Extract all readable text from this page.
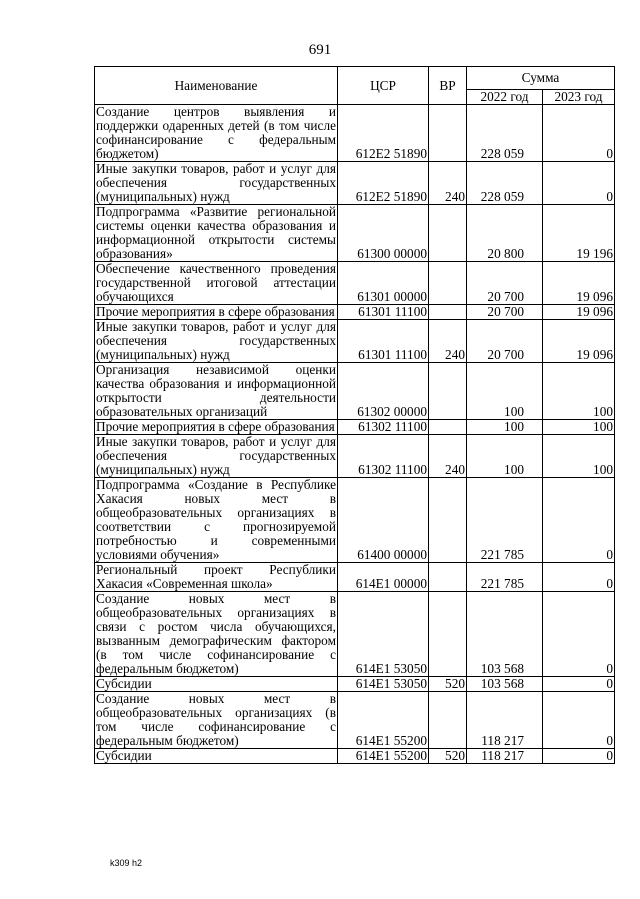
691
Наименование	ЦСР	ВР	Сумма	
			2022 год	2023 год
Создание центров выявления и поддержки одаренных детей (в том числе софинансирование с федеральным бюджетом)	612E2 51890		228 059	0
Иные закупки товаров, работ и услуг для обеспечения государственных (муниципальных) нужд	612E2 51890	240	228 059	0
Подпрограмма «Развитие региональной системы оценки качества образования и информационной открытости системы образования»	61300 00000		20 800	19 196
Обеспечение качественного проведения государственной итоговой аттестации обучающихся	61301 00000		20 700	19 096
Прочие мероприятия в сфере образования	61301 11100		20 700	19 096
Иные закупки товаров, работ и услуг для обеспечения государственных (муниципальных) нужд	61301 11100	240	20 700	19 096
Организация независимой оценки качества образования и информационной открытости деятельности образовательных организаций	61302 00000		100	100
Прочие мероприятия в сфере образования	61302 11100		100	100
Иные закупки товаров, работ и услуг для обеспечения государственных (муниципальных) нужд	61302 11100	240	100	100
Подпрограмма «Создание в Республике Хакасия новых мест в общеобразовательных организациях в соответствии с прогнозируемой потребностью и современными условиями обучения»	61400 00000		221 785	0
Региональный проект Республики Хакасия «Современная школа»	614E1 00000		221 785	0
Создание новых мест в общеобразовательных организациях в связи с ростом числа обучающихся, вызванным демографическим фактором (в том числе софинансирование с федеральным бюджетом)	614E1 53050		103 568	0
Субсидии	614E1 53050	520	103 568	0
Создание новых мест в общеобразовательных организациях (в том числе софинансирование с федеральным бюджетом)	614E1 55200		118 217	0
Субсидии	614E1 55200	520	118 217	0
k309 h2
